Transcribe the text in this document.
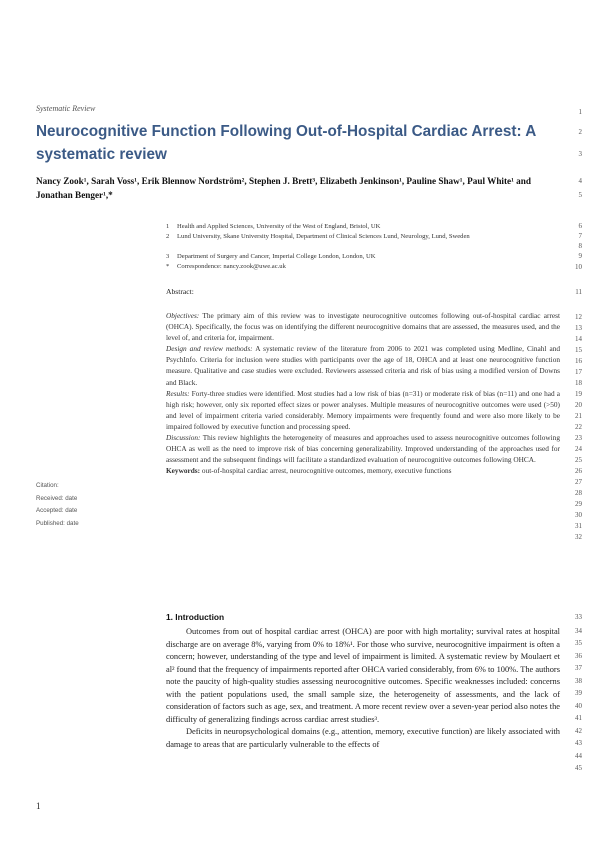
Systematic Review
Neurocognitive Function Following Out-of-Hospital Cardiac Arrest: A systematic review

Nancy Zook¹, Sarah Voss¹, Erik Blennow Nordström², Stephen J. Brett³, Elizabeth Jenkinson¹, Pauline Shaw¹, Paul White¹ and Jonathan Benger¹,*

1	Health and Applied Sciences, University of the West of England, Bristol, UK
2	Lund University, Skane University Hospital, Department of Clinical Sciences Lund, Neurology, Lund, Sweden
3	Department of Surgery and Cancer, Imperial College London, London, UK
*	Correspondence: nancy.zook@uwe.ac.uk
Abstract:

Objectives: The primary aim of this review was to investigate neurocognitive outcomes following out-of-hospital cardiac arrest (OHCA). Specifically, the focus was on identifying the different neurocognitive domains that are assessed, the measures used, and the level of, and criteria for, impairment.

Design and review methods: A systematic review of the literature from 2006 to 2021 was completed using Medline, Cinahl and PsychInfo. Criteria for inclusion were studies with participants over the age of 18, OHCA and at least one neurocognitive function measure. Qualitative and case studies were excluded. Reviewers assessed criteria and risk of bias using a modified version of Downs and Black.

Results: Forty-three studies were identified. Most studies had a low risk of bias (n=31) or moderate risk of bias (n=11) and one had a high risk; however, only six reported effect sizes or power analyses. Multiple measures of neurocognitive outcomes were used (>50) and level of impairment criteria varied considerably. Memory impairments were frequently found and were also more likely to be impaired followed by executive function and processing speed.

Discussion: This review highlights the heterogeneity of measures and approaches used to assess neurocognitive outcomes following OHCA as well as the need to improve risk of bias concerning generalizability. Improved understanding of the approaches used for assessment and the subsequent findings will facilitate a standardized evaluation of neurocognitive outcomes following OHCA.

Keywords: out-of-hospital cardiac arrest, neurocognitive outcomes, memory, executive functions

Citation:
Received: date
Accepted: date
Published: date
1. Introduction

Outcomes from out of hospital cardiac arrest (OHCA) are poor with high mortality; survival rates at hospital discharge are on average 8%, varying from 0% to 18%¹. For those who survive, neurocognitive impairment is often a concern; however, understanding of the type and level of impairment is limited. A systematic review by Moulaert et al² found that the frequency of impairments reported after OHCA varied considerably, from 6% to 100%. The authors note the paucity of high-quality studies assessing neurocognitive outcomes. Specific weaknesses included: concerns with the patient populations used, the small sample size, the heterogeneity of assessments, and the lack of consideration of factors such as age, sex, and treatment. A more recent review over a seven-year period also notes the difficulty of generalizing findings across cardiac arrest studies³.

Deficits in neuropsychological domains (e.g., attention, memory, executive function) are likely associated with damage to areas that are particularly vulnerable to the effects of

1
2
3
4
5
6
7
8
9
10
11
12
13
14
15
16
17
18
19
20
21
22
23
24
25
26
27
28
29
30
31
32
33
34
35
36
37
38
39
40
41
42
43
44
45
1
